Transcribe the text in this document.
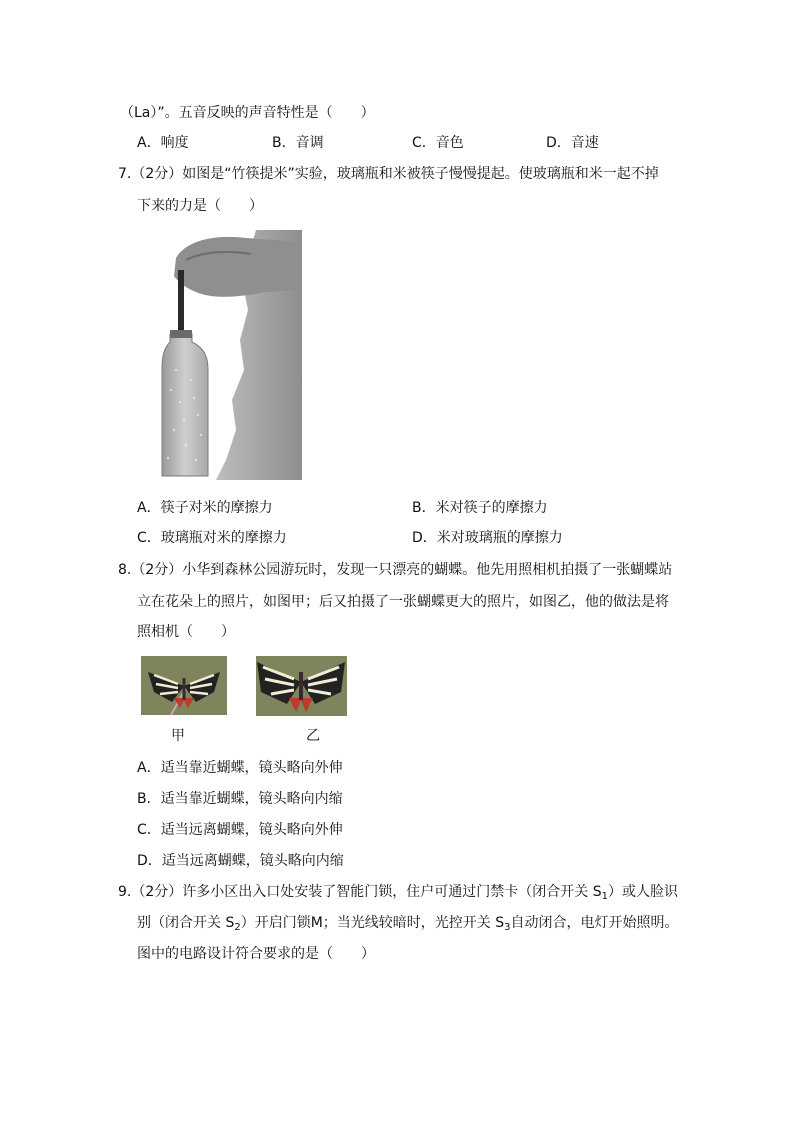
（La）”。五音反映的声音特性是（　　）
A．响度	B．音调	C．音色	D．音速
7.（2分）如图是“竹筷提米”实验，玻璃瓶和米被筷子慢慢提起。使玻璃瓶和米一起不掉
下来的力是（　　）
A．筷子对米的摩擦力	B．米对筷子的摩擦力
C．玻璃瓶对米的摩擦力	D．米对玻璃瓶的摩擦力
8.（2分）小华到森林公园游玩时，发现一只漂亮的蝴蝶。他先用照相机拍摄了一张蝴蝶站
立在花朵上的照片，如图甲；后又拍摄了一张蝴蝶更大的照片，如图乙，他的做法是将
照相机（　　）
甲	乙
A．适当靠近蝴蝶，镜头略向外伸
B．适当靠近蝴蝶，镜头略向内缩
C．适当远离蝴蝶，镜头略向外伸
D．适当远离蝴蝶，镜头略向内缩
9.（2分）许多小区出入口处安装了智能门锁，住户可通过门禁卡（闭合开关 $S_1$）或人脸识
别（闭合开关 $S_2$）开启门锁M；当光线较暗时，光控开关 $S_3$自动闭合，电灯开始照明。
图中的电路设计符合要求的是（　　）
